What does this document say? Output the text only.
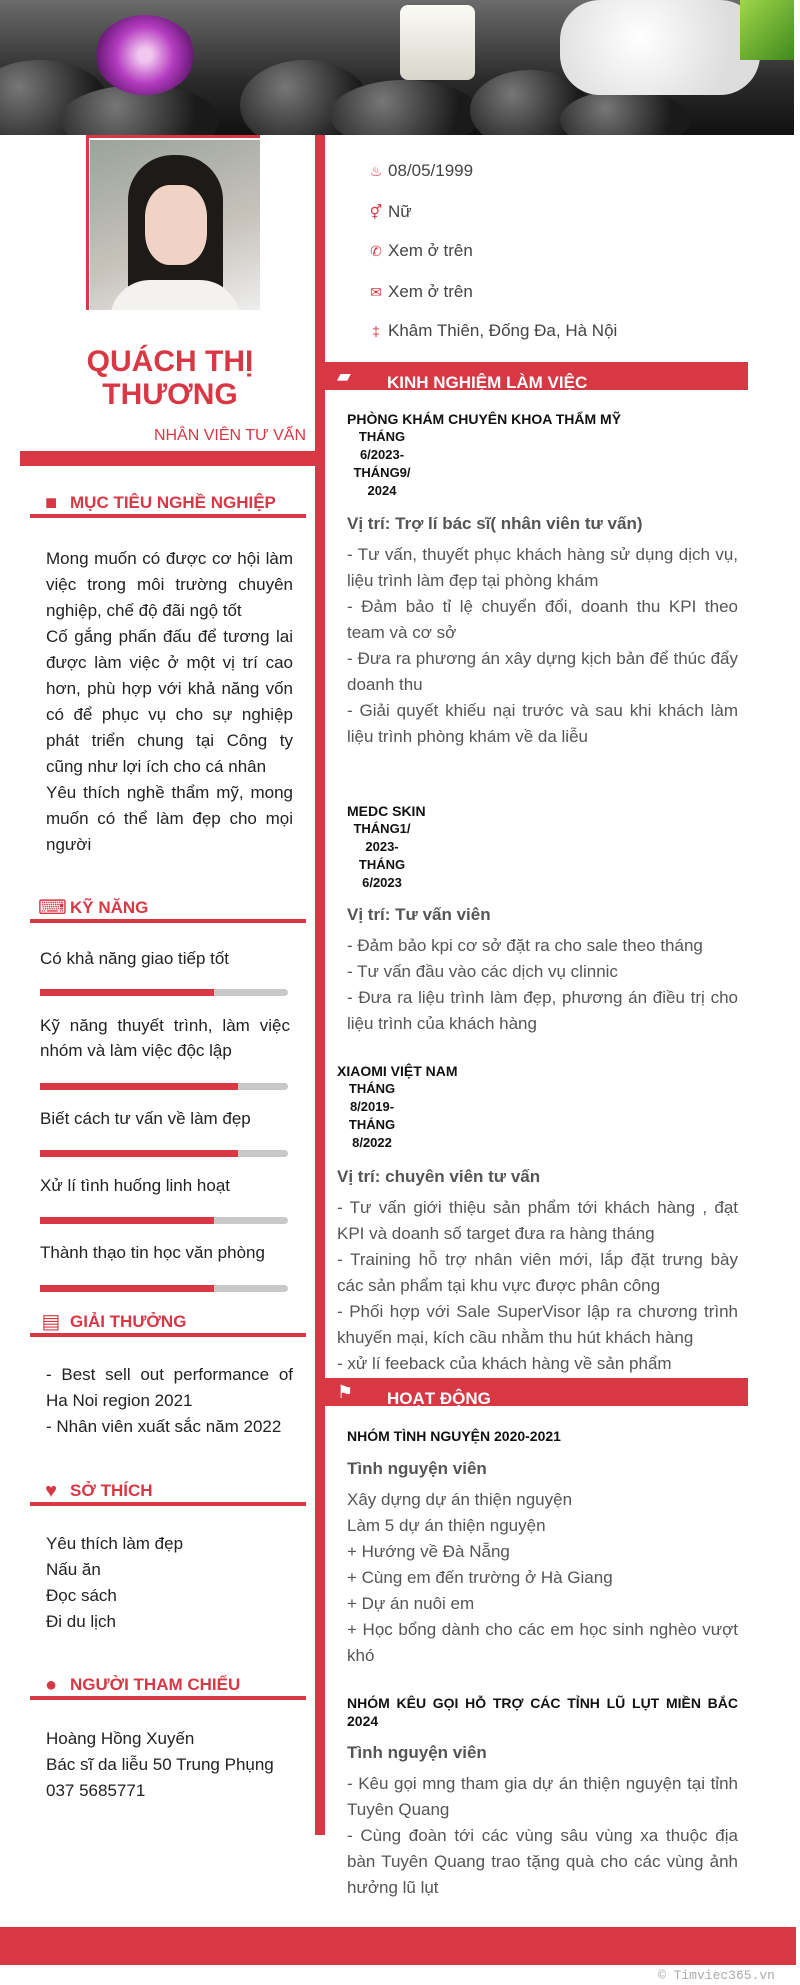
QUÁCH THỊ
THƯƠNG
NHÂN VIÊN TƯ VẤN
♨ 08/05/1999
⚥ Nữ
✆ Xem ở trên
✉ Xem ở trên
‡ Khâm Thiên, Đống Đa, Hà Nội
■ MỤC TIÊU NGHỀ NGHIỆP
Mong muốn có được cơ hội làm việc trong môi trường chuyên nghiệp, chế độ đãi ngộ tốt
Cố gắng phấn đấu để tương lai được làm việc ở một vị trí cao hơn, phù hợp với khả năng vốn có để phục vụ cho sự nghiệp phát triển chung tại Công ty cũng như lợi ích cho cá nhân
Yêu thích nghề thẩm mỹ, mong muốn có thể làm đẹp cho mọi người
⌨ KỸ NĂNG
Có khả năng giao tiếp tốt
Kỹ năng thuyết trình, làm việc nhóm và làm việc độc lập
Biết cách tư vấn về làm đẹp
Xử lí tình huống linh hoạt
Thành thạo tin học văn phòng
▤ GIẢI THƯỞNG
- Best sell out performance of Ha Noi region 2021
- Nhân viên xuất sắc năm 2022
♥ SỞ THÍCH
Yêu thích làm đẹp
Nấu ăn
Đọc sách
Đi du lịch
● NGƯỜI THAM CHIẾU
Hoàng Hồng Xuyến
Bác sĩ da liễu 50 Trung Phụng
037 5685771
▰ KINH NGHIỆM LÀM VIỆC
PHÒNG KHÁM CHUYÊN KHOA THẨM MỸ
THÁNG 6/2023- THÁNG9/ 2024
Vị trí: Trợ lí bác sĩ( nhân viên tư vấn)
- Tư vấn, thuyết phục khách hàng sử dụng dịch vụ, liệu trình làm đẹp tại phòng khám
- Đảm bảo tỉ lệ chuyển đổi, doanh thu KPI theo team và cơ sở
- Đưa ra phương án xây dựng kịch bản để thúc đẩy doanh thu
- Giải quyết khiếu nại trước và sau khi khách làm liệu trình phòng khám về da liễu
MEDC SKIN
THÁNG1/ 2023- THÁNG 6/2023
Vị trí: Tư vấn viên
- Đảm bảo kpi cơ sở đặt ra cho sale theo tháng
- Tư vấn đầu vào các dịch vụ clinnic
- Đưa ra liệu trình làm đẹp, phương án điều trị cho liệu trình của khách hàng
XIAOMI VIỆT NAM
THÁNG 8/2019- THÁNG 8/2022
Vị trí: chuyên viên tư vấn
- Tư vấn giới thiệu sản phẩm tới khách hàng , đạt KPI và doanh số target đưa ra hàng tháng
- Training hỗ trợ nhân viên mới, lắp đặt trưng bày các sản phẩm tại khu vực được phân công
- Phối hợp với Sale SuperVisor lập ra chương trình khuyến mại, kích cầu nhằm thu hút khách hàng
- xử lí feeback của khách hàng về sản phẩm
⚑ HOẠT ĐỘNG
NHÓM TÌNH NGUYỆN 2020-2021
Tình nguyện viên
Xây dựng dự án thiện nguyện
Làm 5 dự án thiện nguyện
+ Hướng về Đà Nẵng
+ Cùng em đến trường ở Hà Giang
+ Dự án nuôi em
+ Học bổng dành cho các em học sinh nghèo vượt khó
NHÓM KÊU GỌI HỖ TRỢ CÁC TỈNH LŨ LỤT MIỀN BẮC 2024
Tình nguyện viên
- Kêu gọi mng tham gia dự án thiện nguyện tại tỉnh Tuyên Quang
- Cùng đoàn tới các vùng sâu vùng xa thuộc địa bàn Tuyên Quang trao tặng quà cho các vùng ảnh hưởng lũ lụt
© Timviec365.vn
